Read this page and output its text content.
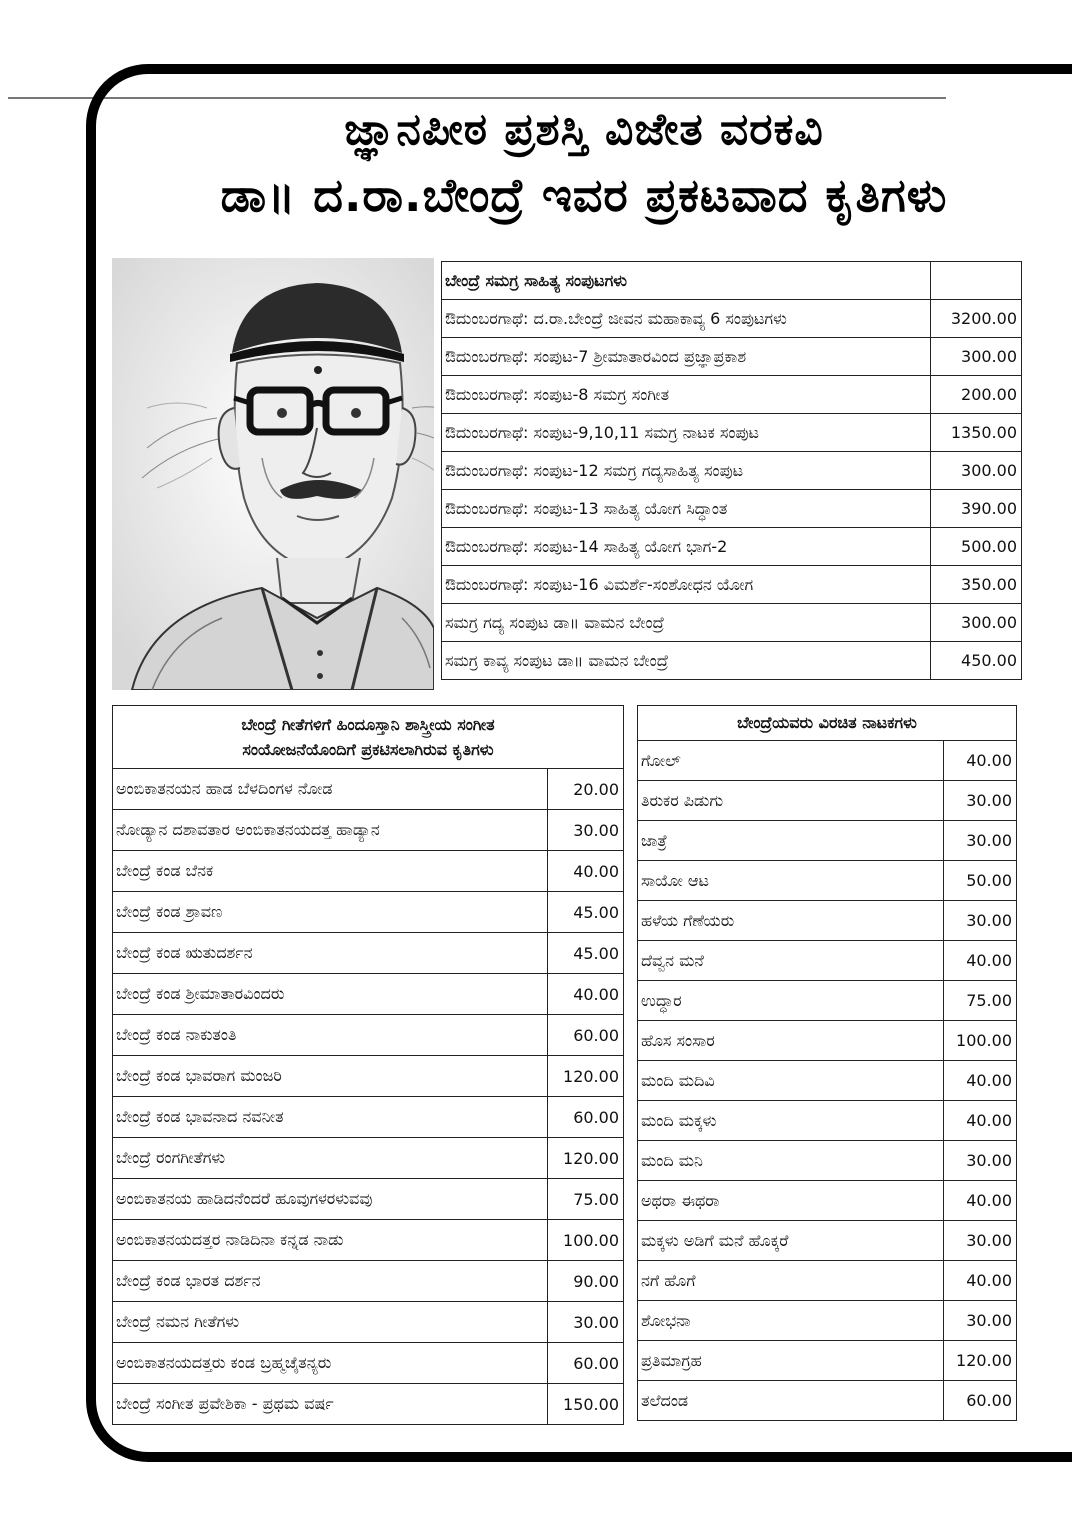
ಜ್ಞಾನಪೀಠ ಪ್ರಶಸ್ತಿ ವಿಜೇತ ವರಕವಿ
ಡಾ॥ ದ.ರಾ.ಬೇಂದ್ರೆ ಇವರ ಪ್ರಕಟವಾದ ಕೃತಿಗಳು
ಬೇಂದ್ರೆ ಸಮಗ್ರ ಸಾಹಿತ್ಯ ಸಂಪುಟಗಳು	
ಔದುಂಬರಗಾಥೆ: ದ.ರಾ.ಬೇಂದ್ರೆ ಜೀವನ ಮಹಾಕಾವ್ಯ 6 ಸಂಪುಟಗಳು	3200.00
ಔದುಂಬರಗಾಥೆ: ಸಂಪುಟ-7 ಶ್ರೀಮಾತಾರವಿಂದ ಪ್ರಜ್ಞಾಪ್ರಕಾಶ	300.00
ಔದುಂಬರಗಾಥೆ: ಸಂಪುಟ-8 ಸಮಗ್ರ ಸಂಗೀತ	200.00
ಔದುಂಬರಗಾಥೆ: ಸಂಪುಟ-9,10,11 ಸಮಗ್ರ ನಾಟಕ ಸಂಪುಟ	1350.00
ಔದುಂಬರಗಾಥೆ: ಸಂಪುಟ-12 ಸಮಗ್ರ ಗದ್ಯಸಾಹಿತ್ಯ ಸಂಪುಟ	300.00
ಔದುಂಬರಗಾಥೆ: ಸಂಪುಟ-13 ಸಾಹಿತ್ಯ ಯೋಗ ಸಿದ್ಧಾಂತ	390.00
ಔದುಂಬರಗಾಥೆ: ಸಂಪುಟ-14 ಸಾಹಿತ್ಯ ಯೋಗ ಭಾಗ-2	500.00
ಔದುಂಬರಗಾಥೆ: ಸಂಪುಟ-16 ವಿಮರ್ಶೆ-ಸಂಶೋಧನ ಯೋಗ	350.00
ಸಮಗ್ರ ಗದ್ಯ ಸಂಪುಟ ಡಾ॥ ವಾಮನ ಬೇಂದ್ರೆ	300.00
ಸಮಗ್ರ ಕಾವ್ಯ ಸಂಪುಟ ಡಾ॥ ವಾಮನ ಬೇಂದ್ರೆ	450.00
ಬೇಂದ್ರೆ ಗೀತೆಗಳಿಗೆ ಹಿಂದೂಸ್ತಾನಿ ಶಾಸ್ತ್ರೀಯ ಸಂಗೀತ
ಸಂಯೋಜನೆಯೊಂದಿಗೆ ಪ್ರಕಟಿಸಲಾಗಿರುವ ಕೃತಿಗಳು	

ಅಂಬಿಕಾತನಯನ ಹಾಡ ಬೆಳದಿಂಗಳ ನೋಡ	20.00
ನೋಡ್ಯಾನ ದಶಾವತಾರ ಅಂಬಿಕಾತನಯದತ್ತ ಹಾಡ್ಯಾನ	30.00
ಬೇಂದ್ರೆ ಕಂಡ ಬೆನಕ	40.00
ಬೇಂದ್ರೆ ಕಂಡ ಶ್ರಾವಣ	45.00
ಬೇಂದ್ರೆ ಕಂಡ ಋತುದರ್ಶನ	45.00
ಬೇಂದ್ರೆ ಕಂಡ ಶ್ರೀಮಾತಾರವಿಂದರು	40.00
ಬೇಂದ್ರೆ ಕಂಡ ನಾಕುತಂತಿ	60.00
ಬೇಂದ್ರೆ ಕಂಡ ಭಾವರಾಗ ಮಂಜರಿ	120.00
ಬೇಂದ್ರೆ ಕಂಡ ಭಾವನಾದ ನವನೀತ	60.00
ಬೇಂದ್ರೆ ರಂಗಗೀತೆಗಳು	120.00
ಅಂಬಿಕಾತನಯ ಹಾಡಿದನೆಂದರೆ ಹೂವುಗಳರಳುವವು	75.00
ಅಂಬಿಕಾತನಯದತ್ತರ ನಾಡಿದಿನಾ ಕನ್ನಡ ನಾಡು	100.00
ಬೇಂದ್ರೆ ಕಂಡ ಭಾರತ ದರ್ಶನ	90.00
ಬೇಂದ್ರೆ ನಮನ ಗೀತೆಗಳು	30.00
ಅಂಬಿಕಾತನಯದತ್ತರು ಕಂಡ ಬ್ರಹ್ಮಚೈತನ್ಯರು	60.00
ಬೇಂದ್ರೆ ಸಂಗೀತ ಪ್ರವೇಶಿಕಾ - ಪ್ರಥಮ ವರ್ಷ	150.00
ಬೇಂದ್ರೆಯವರು ವಿರಚಿತ ನಾಟಕಗಳು	
ಗೋಲ್	40.00
ತಿರುಕರ ಪಿಡುಗು	30.00
ಜಾತ್ರೆ	30.00
ಸಾಯೋ ಆಟ	50.00
ಹಳೆಯ ಗೆಣೆಯರು	30.00
ದೆವ್ವನ ಮನೆ	40.00
ಉದ್ಧಾರ	75.00
ಹೊಸ ಸಂಸಾರ	100.00
ಮಂದಿ ಮದಿವಿ	40.00
ಮಂದಿ ಮಕ್ಕಳು	40.00
ಮಂದಿ ಮನಿ	30.00
ಅಥರಾ ಈಥರಾ	40.00
ಮಕ್ಕಳು ಅಡಿಗೆ ಮನೆ ಹೊಕ್ಕರೆ	30.00
ನಗೆ ಹೊಗೆ	40.00
ಶೋಭನಾ	30.00
ಪ್ರತಿಮಾಗ್ರಹ	120.00
ತಲೆದಂಡ	60.00
